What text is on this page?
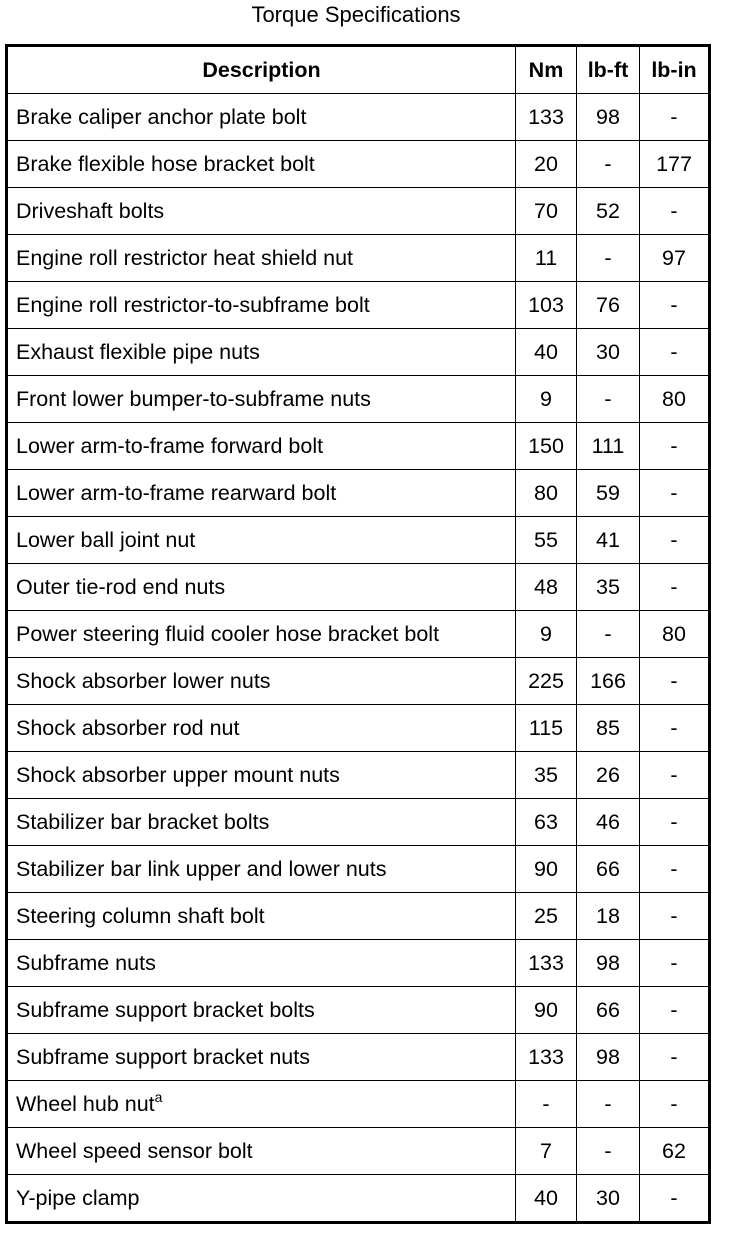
Torque Specifications
Description	Nm	lb-ft	lb-in
Brake caliper anchor plate bolt	133	98	-
Brake flexible hose bracket bolt	20	-	177
Driveshaft bolts	70	52	-
Engine roll restrictor heat shield nut	11	-	97
Engine roll restrictor-to-subframe bolt	103	76	-
Exhaust flexible pipe nuts	40	30	-
Front lower bumper-to-subframe nuts	9	-	80
Lower arm-to-frame forward bolt	150	111	-
Lower arm-to-frame rearward bolt	80	59	-
Lower ball joint nut	55	41	-
Outer tie-rod end nuts	48	35	-
Power steering fluid cooler hose bracket bolt	9	-	80
Shock absorber lower nuts	225	166	-
Shock absorber rod nut	115	85	-
Shock absorber upper mount nuts	35	26	-
Stabilizer bar bracket bolts	63	46	-
Stabilizer bar link upper and lower nuts	90	66	-
Steering column shaft bolt	25	18	-
Subframe nuts	133	98	-
Subframe support bracket bolts	90	66	-
Subframe support bracket nuts	133	98	-
Wheel hub nut$^a$	-	-	-
Wheel speed sensor bolt	7	-	62
Y-pipe clamp	40	30	-
